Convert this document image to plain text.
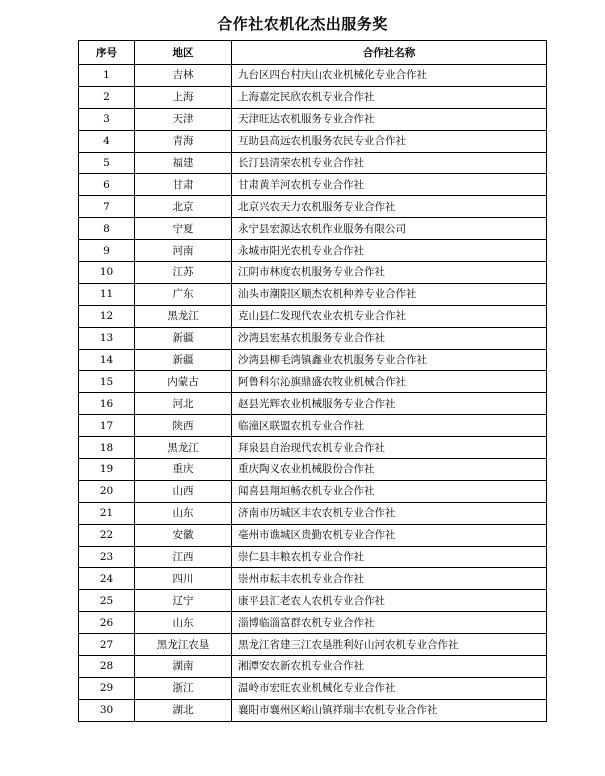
合作社农机化杰出服务奖
序号	地区	合作社名称
1	吉林	九台区四台村庆山农业机械化专业合作社
2	上海	上海嘉定民欣农机专业合作社
3	天津	天津旺达农机服务专业合作社
4	青海	互助县高远农机服务农民专业合作社
5	福建	长汀县清荣农机专业合作社
6	甘肃	甘肃黄羊河农机专业合作社
7	北京	北京兴农天力农机服务专业合作社
8	宁夏	永宁县宏源达农机作业服务有限公司
9	河南	永城市阳光农机专业合作社
10	江苏	江阴市林度农机服务专业合作社
11	广东	汕头市潮阳区顺杰农机种养专业合作社
12	黑龙江	克山县仁发现代农业农机专业合作社
13	新疆	沙湾县宏基农机服务专业合作社
14	新疆	沙湾县柳毛湾镇鑫业农机服务专业合作社
15	内蒙古	阿鲁科尔沁旗鼎盛农牧业机械合作社
16	河北	赵县光辉农业机械服务专业合作社
17	陕西	临潼区联盟农机专业合作社
18	黑龙江	拜泉县自治现代农机专业合作社
19	重庆	重庆陶义农业机械股份合作社
20	山西	闻喜县翔垣畅农机专业合作社
21	山东	济南市历城区丰农农机专业合作社
22	安徽	亳州市谯城区贵勤农机专业合作社
23	江西	崇仁县丰粮农机专业合作社
24	四川	崇州市耘丰农机专业合作社
25	辽宁	康平县汇老农人农机专业合作社
26	山东	淄博临淄富群农机专业合作社
27	黑龙江农垦	黑龙江省建三江农垦胜利好山河农机专业合作社
28	湖南	湘潭安农新农机专业合作社
29	浙江	温岭市宏旺农业机械化专业合作社
30	湖北	襄阳市襄州区峪山镇祥瑞丰农机专业合作社
